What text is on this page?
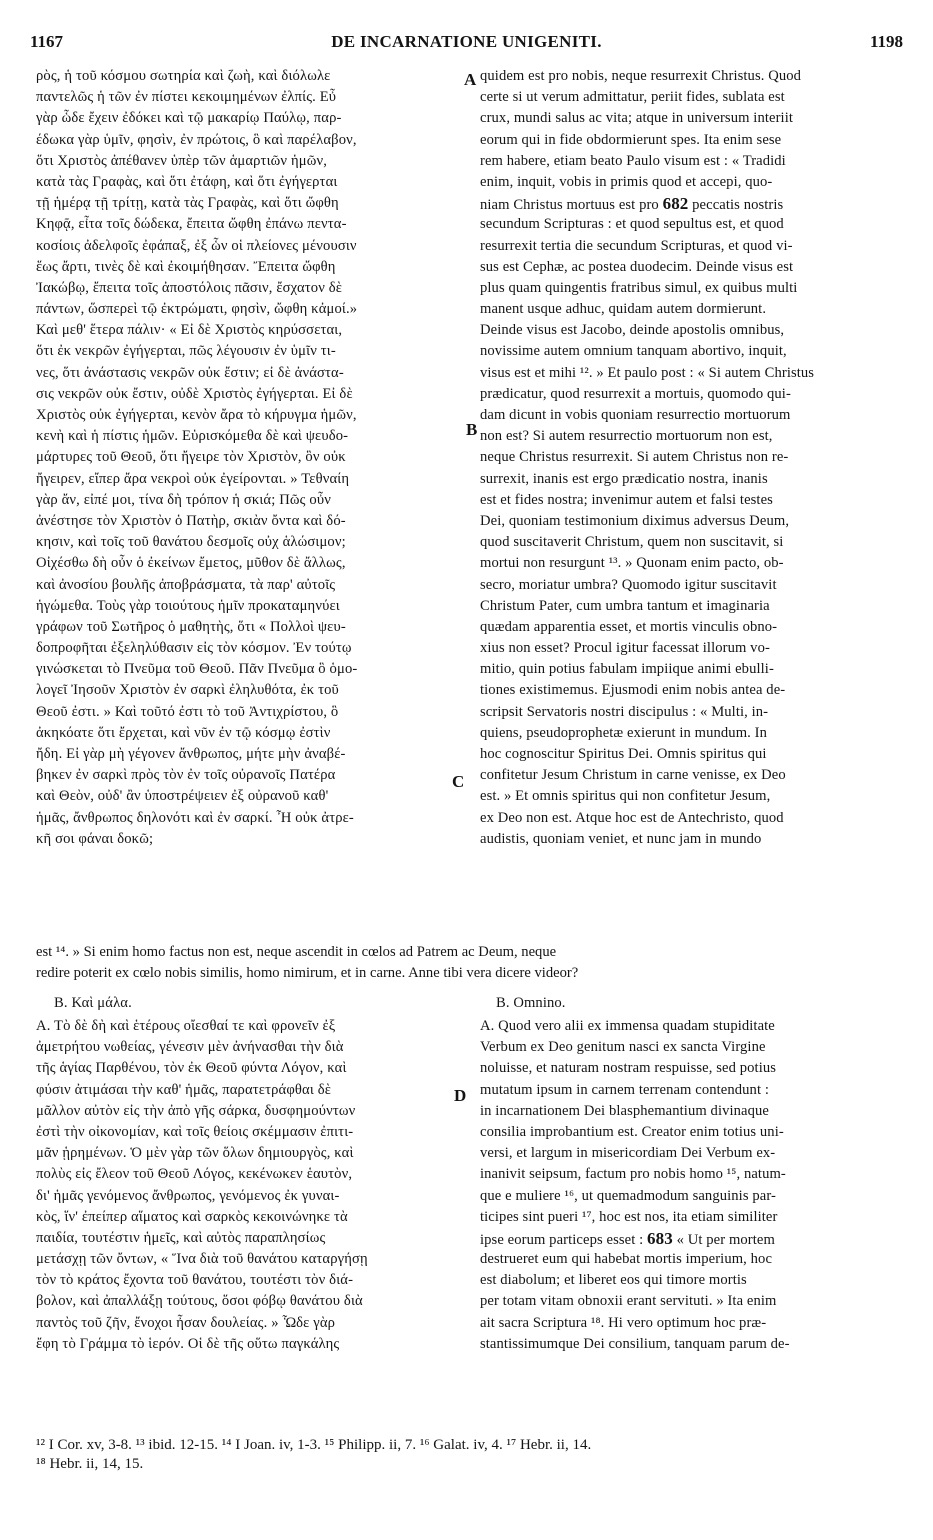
1167	DE INCARNATIONE UNIGENITI.	1198
ρὸς, ἡ τοῦ κόσμου σωτηρία καὶ ζωὴ, καὶ διόλωλε
παντελῶς ἡ τῶν ἐν πίστει κεκοιμημένων ἐλπίς. Εὖ
γὰρ ὧδε ἔχειν ἐδόκει καὶ τῷ μακαρίῳ Παύλῳ, παρ-
έδωκα γὰρ ὑμῖν, φησὶν, ἐν πρώτοις, ὃ καὶ παρέλαβον,
ὅτι Χριστὸς ἀπέθανεν ὑπὲρ τῶν ἁμαρτιῶν ἡμῶν,
κατὰ τὰς Γραφὰς, καὶ ὅτι ἐτάφη, καὶ ὅτι ἐγήγερται
τῇ ἡμέρᾳ τῇ τρίτῃ, κατὰ τὰς Γραφὰς, καὶ ὅτι ὤφθη
Κηφᾷ, εἶτα τοῖς δώδεκα, ἔπειτα ὤφθη ἐπάνω πεντα-
κοσίοις ἀδελφοῖς ἐφάπαξ, ἐξ ὧν οἱ πλείονες μένουσιν
ἕως ἄρτι, τινὲς δὲ καὶ ἐκοιμήθησαν. Ἔπειτα ὤφθη
Ἰακώβῳ, ἔπειτα τοῖς ἀποστόλοις πᾶσιν, ἔσχατον δὲ
πάντων, ὥσπερεὶ τῷ ἐκτρώματι, φησὶν, ὤφθη κἀμοί.»
Καὶ μεθ' ἕτερα πάλιν· « Εἰ δὲ Χριστὸς κηρύσσεται,
ὅτι ἐκ νεκρῶν ἐγήγερται, πῶς λέγουσιν ἐν ὑμῖν τι-
νες, ὅτι ἀνάστασις νεκρῶν οὐκ ἔστιν; εἰ δὲ ἀνάστα-
σις νεκρῶν οὐκ ἔστιν, οὐδὲ Χριστὸς ἐγήγερται. Εἰ δὲ
Χριστὸς οὐκ ἐγήγερται, κενὸν ἄρα τὸ κήρυγμα ἡμῶν,
κενὴ καὶ ἡ πίστις ἡμῶν. Εὑρισκόμεθα δὲ καὶ ψευδο-
μάρτυρες τοῦ Θεοῦ, ὅτι ἤγειρε τὸν Χριστὸν, ὃν οὐκ
ἤγειρεν, εἴπερ ἄρα νεκροὶ οὐκ ἐγείρονται. » Τεθναίη
γὰρ ἄν, εἰπέ μοι, τίνα δὴ τρόπον ἡ σκιά; Πῶς οὖν
ἀνέστησε τὸν Χριστὸν ὁ Πατὴρ, σκιὰν ὄντα καὶ δό-
κησιν, καὶ τοῖς τοῦ θανάτου δεσμοῖς οὐχ ἁλώσιμον;
Οἰχέσθω δὴ οὖν ὁ ἐκείνων ἔμετος, μῦθον δὲ ἄλλως,
καὶ ἀνοσίου βουλῆς ἀποβράσματα, τὰ παρ' αὐτοῖς
ἡγώμεθα. Τοὺς γὰρ τοιούτους ἡμῖν προκαταμηνύει
γράφων τοῦ Σωτῆρος ὁ μαθητὴς, ὅτι « Πολλοὶ ψευ-
δοπροφῆται ἐξεληλύθασιν εἰς τὸν κόσμον. Ἐν τούτῳ
γινώσκεται τὸ Πνεῦμα τοῦ Θεοῦ. Πᾶν Πνεῦμα ὃ ὁμο-
λογεῖ Ἰησοῦν Χριστὸν ἐν σαρκὶ ἐληλυθότα, ἐκ τοῦ
Θεοῦ ἐστι. » Καὶ τοῦτό ἐστι τὸ τοῦ Ἀντιχρίστου, ὃ
ἀκηκόατε ὅτι ἔρχεται, καὶ νῦν ἐν τῷ κόσμῳ ἐστὶν
ἤδη. Εἰ γὰρ μὴ γέγονεν ἄνθρωπος, μήτε μὴν ἀναβέ-
βηκεν ἐν σαρκὶ πρὸς τὸν ἐν τοῖς οὐρανοῖς Πατέρα
καὶ Θεὸν, οὐδ' ἂν ὑποστρέψειεν ἐξ οὐρανοῦ καθ'
ἡμᾶς, ἄνθρωπος δηλονότι καὶ ἐν σαρκί. Ἦ οὐκ ἀτρε-
κῆ σοι φάναι δοκῶ;
quidem est pro nobis, neque resurrexit Christus. Quod
certe si ut verum admittatur, periit fides, sublata est
crux, mundi salus ac vita; atque in universum interiit
eorum qui in fide obdormierunt spes. Ita enim sese
rem habere, etiam beato Paulo visum est : « Tradidi
enim, inquit, vobis in primis quod et accepi, quo-
niam Christus mortuus est pro 682 peccatis nostris
secundum Scripturas : et quod sepultus est, et quod
resurrexit tertia die secundum Scripturas, et quod vi-
sus est Cephæ, ac postea duodecim. Deinde visus est
plus quam quingentis fratribus simul, ex quibus multi
manent usque adhuc, quidam autem dormierunt.
Deinde visus est Jacobo, deinde apostolis omnibus,
novissime autem omnium tanquam abortivo, inquit,
visus est et mihi ¹². » Et paulo post : « Si autem Christus
prædicatur, quod resurrexit a mortuis, quomodo qui-
dam dicunt in vobis quoniam resurrectio mortuorum
non est? Si autem resurrectio mortuorum non est,
neque Christus resurrexit. Si autem Christus non re-
surrexit, inanis est ergo prædicatio nostra, inanis
est et fides nostra; invenimur autem et falsi testes
Dei, quoniam testimonium diximus adversus Deum,
quod suscitaverit Christum, quem non suscitavit, si
mortui non resurgunt ¹³. » Quonam enim pacto, ob-
secro, moriatur umbra? Quomodo igitur suscitavit
Christum Pater, cum umbra tantum et imaginaria
quædam apparentia esset, et mortis vinculis obno-
xius non esset? Procul igitur facessat illorum vo-
mitio, quin potius fabulam impiique animi ebulli-
tiones existimemus. Ejusmodi enim nobis antea de-
scripsit Servatoris nostri discipulus : « Multi, in-
quiens, pseudoprophetæ exierunt in mundum. In
hoc cognoscitur Spiritus Dei. Omnis spiritus qui
confitetur Jesum Christum in carne venisse, ex Deo
est. » Et omnis spiritus qui non confitetur Jesum,
ex Deo non est. Atque hoc est de Antechristo, quod
audistis, quoniam veniet, et nunc jam in mundo
A
B
C
D
est ¹⁴. » Si enim homo factus non est, neque ascendit in cœlos ad Patrem ac Deum, neque
redire poterit ex cœlo nobis similis, homo nimirum, et in carne. Anne tibi vera dicere videor?
Β. Καὶ μάλα.	B. Omnino.
Α. Τὸ δὲ δὴ καὶ ἑτέρους οἴεσθαί τε καὶ φρονεῖν ἐξ
ἀμετρήτου νωθείας, γένεσιν μὲν ἀνήνασθαι τὴν διὰ
τῆς ἁγίας Παρθένου, τὸν ἐκ Θεοῦ φύντα Λόγον, καὶ
φύσιν ἀτιμάσαι τὴν καθ' ἡμᾶς, παρατετράφθαι δὲ
μᾶλλον αὐτὸν εἰς τὴν ἀπὸ γῆς σάρκα, δυσφημούντων
ἐστὶ τὴν οἰκονομίαν, καὶ τοῖς θείοις σκέμμασιν ἐπιτι-
μᾶν ᾑρημένων. Ὁ μὲν γὰρ τῶν ὅλων δημιουργὸς, καὶ
πολὺς εἰς ἔλεον τοῦ Θεοῦ Λόγος, κεκένωκεν ἑαυτὸν,
δι' ἡμᾶς γενόμενος ἄνθρωπος, γενόμενος ἐκ γυναι-
κὸς, ἵν' ἐπείπερ αἵματος καὶ σαρκὸς κεκοινώνηκε τὰ
παιδία, τουτέστιν ἡμεῖς, καὶ αὐτὸς παραπλησίως
μετάσχῃ τῶν ὄντων, « Ἵνα διὰ τοῦ θανάτου καταργήσῃ
τὸν τὸ κράτος ἔχοντα τοῦ θανάτου, τουτέστι τὸν διά-
βολον, καὶ ἀπαλλάξῃ τούτους, ὅσοι φόβῳ θανάτου διὰ
παντὸς τοῦ ζῆν, ἔνοχοι ἦσαν δουλείας. » Ὧδε γὰρ
ἔφη τὸ Γράμμα τὸ ἱερόν. Οἱ δὲ τῆς οὕτω παγκάλης
A. Quod vero alii ex immensa quadam stupiditate
Verbum ex Deo genitum nasci ex sancta Virgine
noluisse, et naturam nostram respuisse, sed potius
mutatum ipsum in carnem terrenam contendunt :
in incarnationem Dei blasphemantium divinaque
consilia improbantium est. Creator enim totius uni-
versi, et largum in misericordiam Dei Verbum ex-
inanivit seipsum, factum pro nobis homo ¹⁵, natum-
que e muliere ¹⁶, ut quemadmodum sanguinis par-
ticipes sint pueri ¹⁷, hoc est nos, ita etiam similiter
ipse eorum particeps esset : 683 « Ut per mortem
destrueret eum qui habebat mortis imperium, hoc
est diabolum; et liberet eos qui timore mortis
per totam vitam obnoxii erant servituti. » Ita enim
ait sacra Scriptura ¹⁸. Hi vero optimum hoc præ-
stantissimumque Dei consilium, tanquam parum de-
¹² I Cor. xv, 3-8. ¹³ ibid. 12-15. ¹⁴ I Joan. iv, 1-3. ¹⁵ Philipp. ii, 7. ¹⁶ Galat. iv, 4. ¹⁷ Hebr. ii, 14.
¹⁸ Hebr. ii, 14, 15.
